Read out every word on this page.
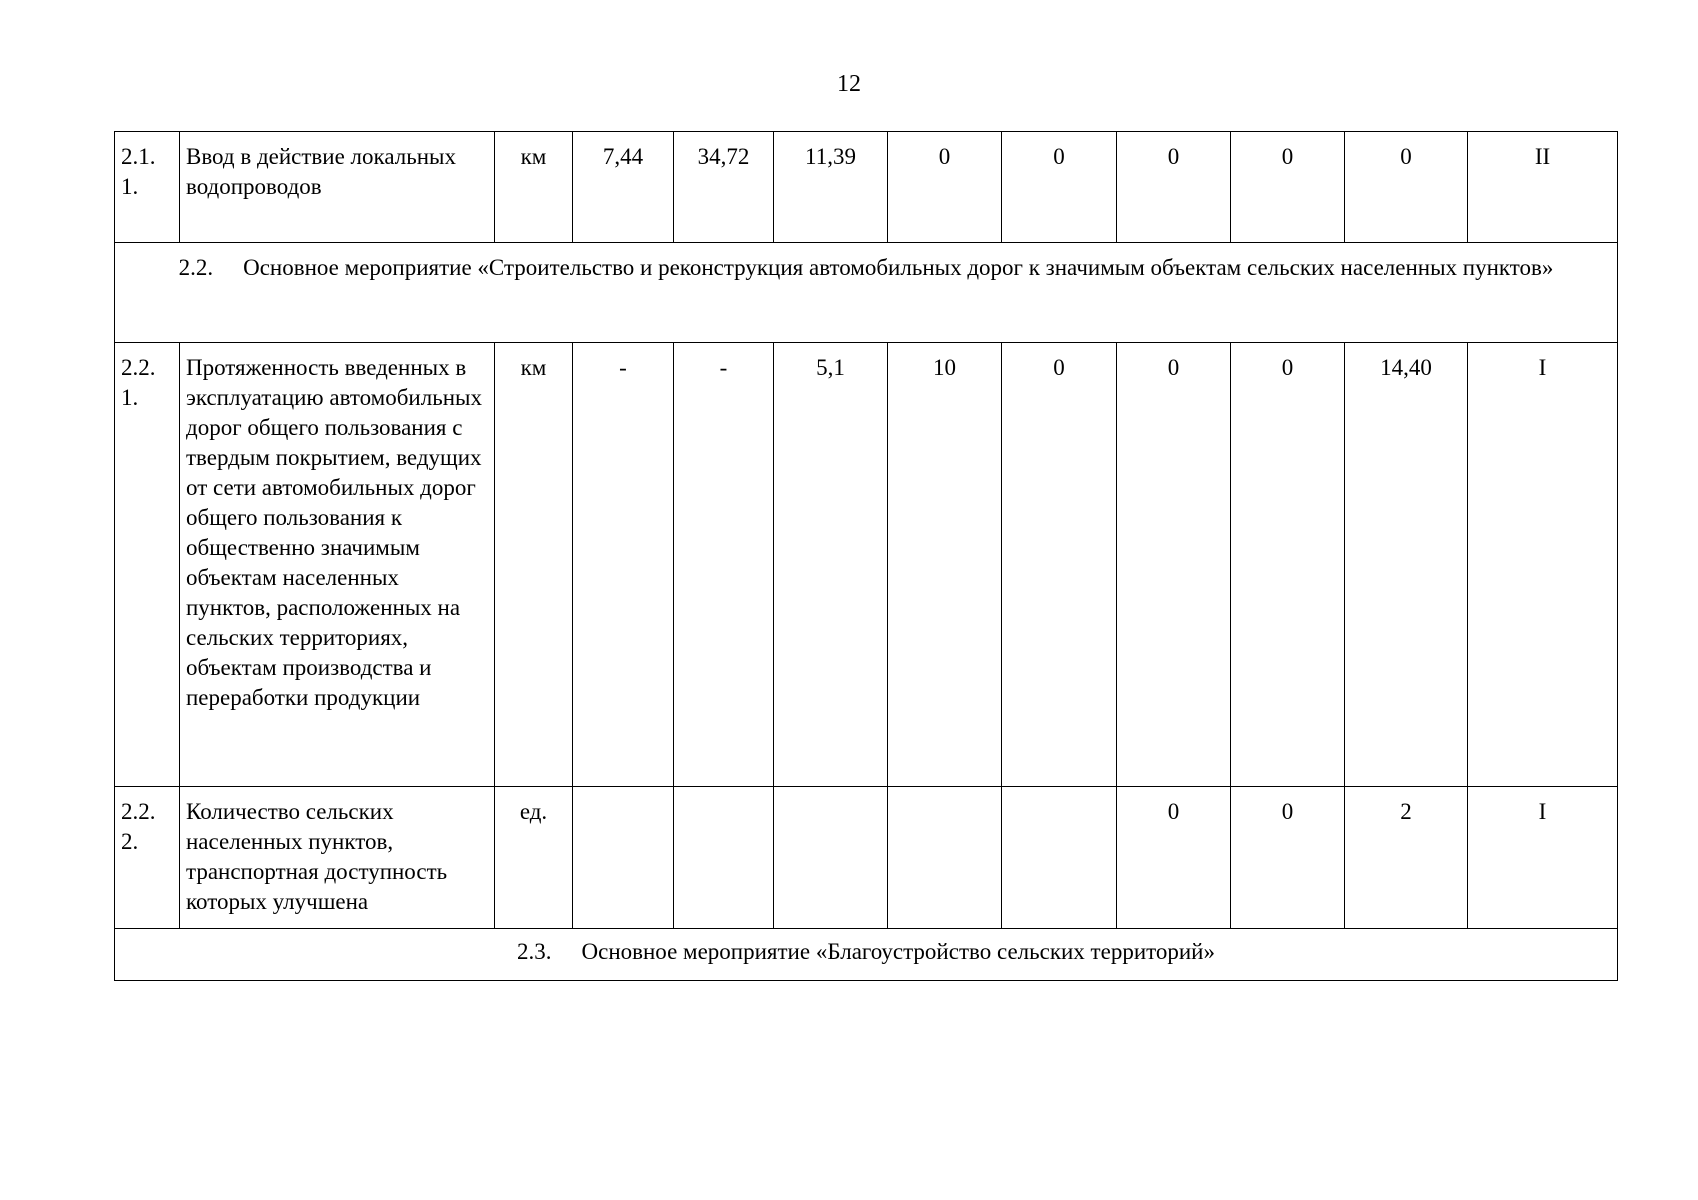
12
2.1.
1.	Ввод в действие локальных водопроводов	км	7,44	34,72	11,39	0	0	0	0	0	II
2.2. Основное мероприятие «Строительство и реконструкция автомобильных дорог к значимым объектам сельских населенных пунктов»											
2.2.
1.	Протяженность введенных в эксплуатацию автомобильных дорог общего пользования с твердым покрытием, ведущих от сети автомобильных дорог общего пользования к общественно значимым объектам населенных пунктов, расположенных на сельских территориях, объектам производства и переработки продукции	км	-	-	5,1	10	0	0	0	14,40	I
2.2.
2.	Количество сельских населенных пунктов, транспортная доступность которых улучшена	ед.						0	0	2	I
2.3. Основное мероприятие «Благоустройство сельских территорий»											
